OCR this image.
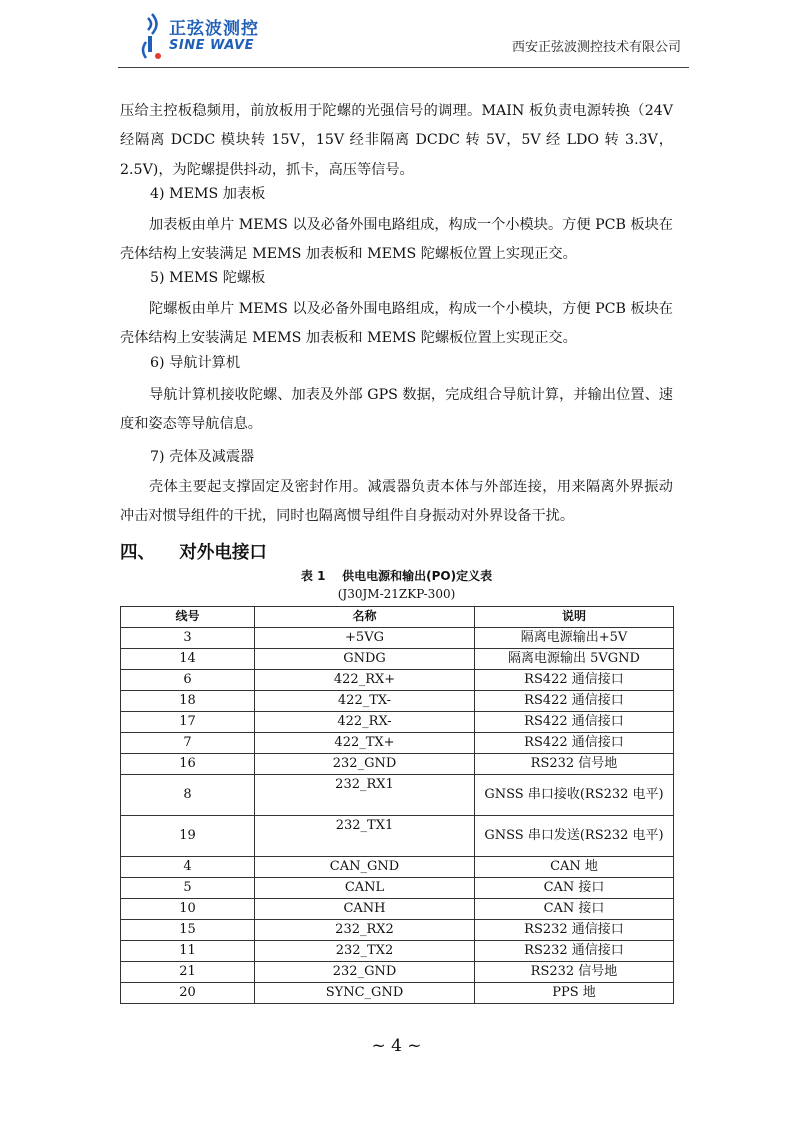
正弦波测控
SINE WAVE	西安正弦波测控技术有限公司
压给主控板稳频用，前放板用于陀螺的光强信号的调理。MAIN 板负责电源转换（24V 经隔离 DCDC 模块转 15V，15V 经非隔离 DCDC 转 5V，5V 经 LDO 转 3.3V，2.5V)，为陀螺提供抖动，抓卡，高压等信号。
4) MEMS 加表板
加表板由单片 MEMS 以及必备外围电路组成，构成一个小模块。方便 PCB 板块在壳体结构上安装满足 MEMS 加表板和 MEMS 陀螺板位置上实现正交。
5) MEMS 陀螺板
陀螺板由单片 MEMS 以及必备外围电路组成，构成一个小模块，方便 PCB 板块在壳体结构上安装满足 MEMS 加表板和 MEMS 陀螺板位置上实现正交。
6) 导航计算机
导航计算机接收陀螺、加表及外部 GPS 数据，完成组合导航计算，并输出位置、速度和姿态等导航信息。
7) 壳体及减震器
壳体主要起支撑固定及密封作用。减震器负责本体与外部连接，用来隔离外界振动冲击对惯导组件的干扰，同时也隔离惯导组件自身振动对外界设备干扰。
四、    对外电接口
表 1    供电电源和输出(PO)定义表
(J30JM-21ZKP-300)
线号	名称	说明
3	+5VG	隔离电源输出+5V
14	GNDG	隔离电源输出 5VGND
6	422_RX+	RS422 通信接口
18	422_TX-	RS422 通信接口
17	422_RX-	RS422 通信接口
7	422_TX+	RS422 通信接口
16	232_GND	RS232 信号地
8	232_RX1	GNSS 串口接收(RS232 电平)
19	232_TX1	GNSS 串口发送(RS232 电平)
4	CAN_GND	CAN 地
5	CANL	CAN 接口
10	CANH	CAN 接口
15	232_RX2	RS232 通信接口
11	232_TX2	RS232 通信接口
21	232_GND	RS232 信号地
20	SYNC_GND	PPS 地
~ 4 ~
